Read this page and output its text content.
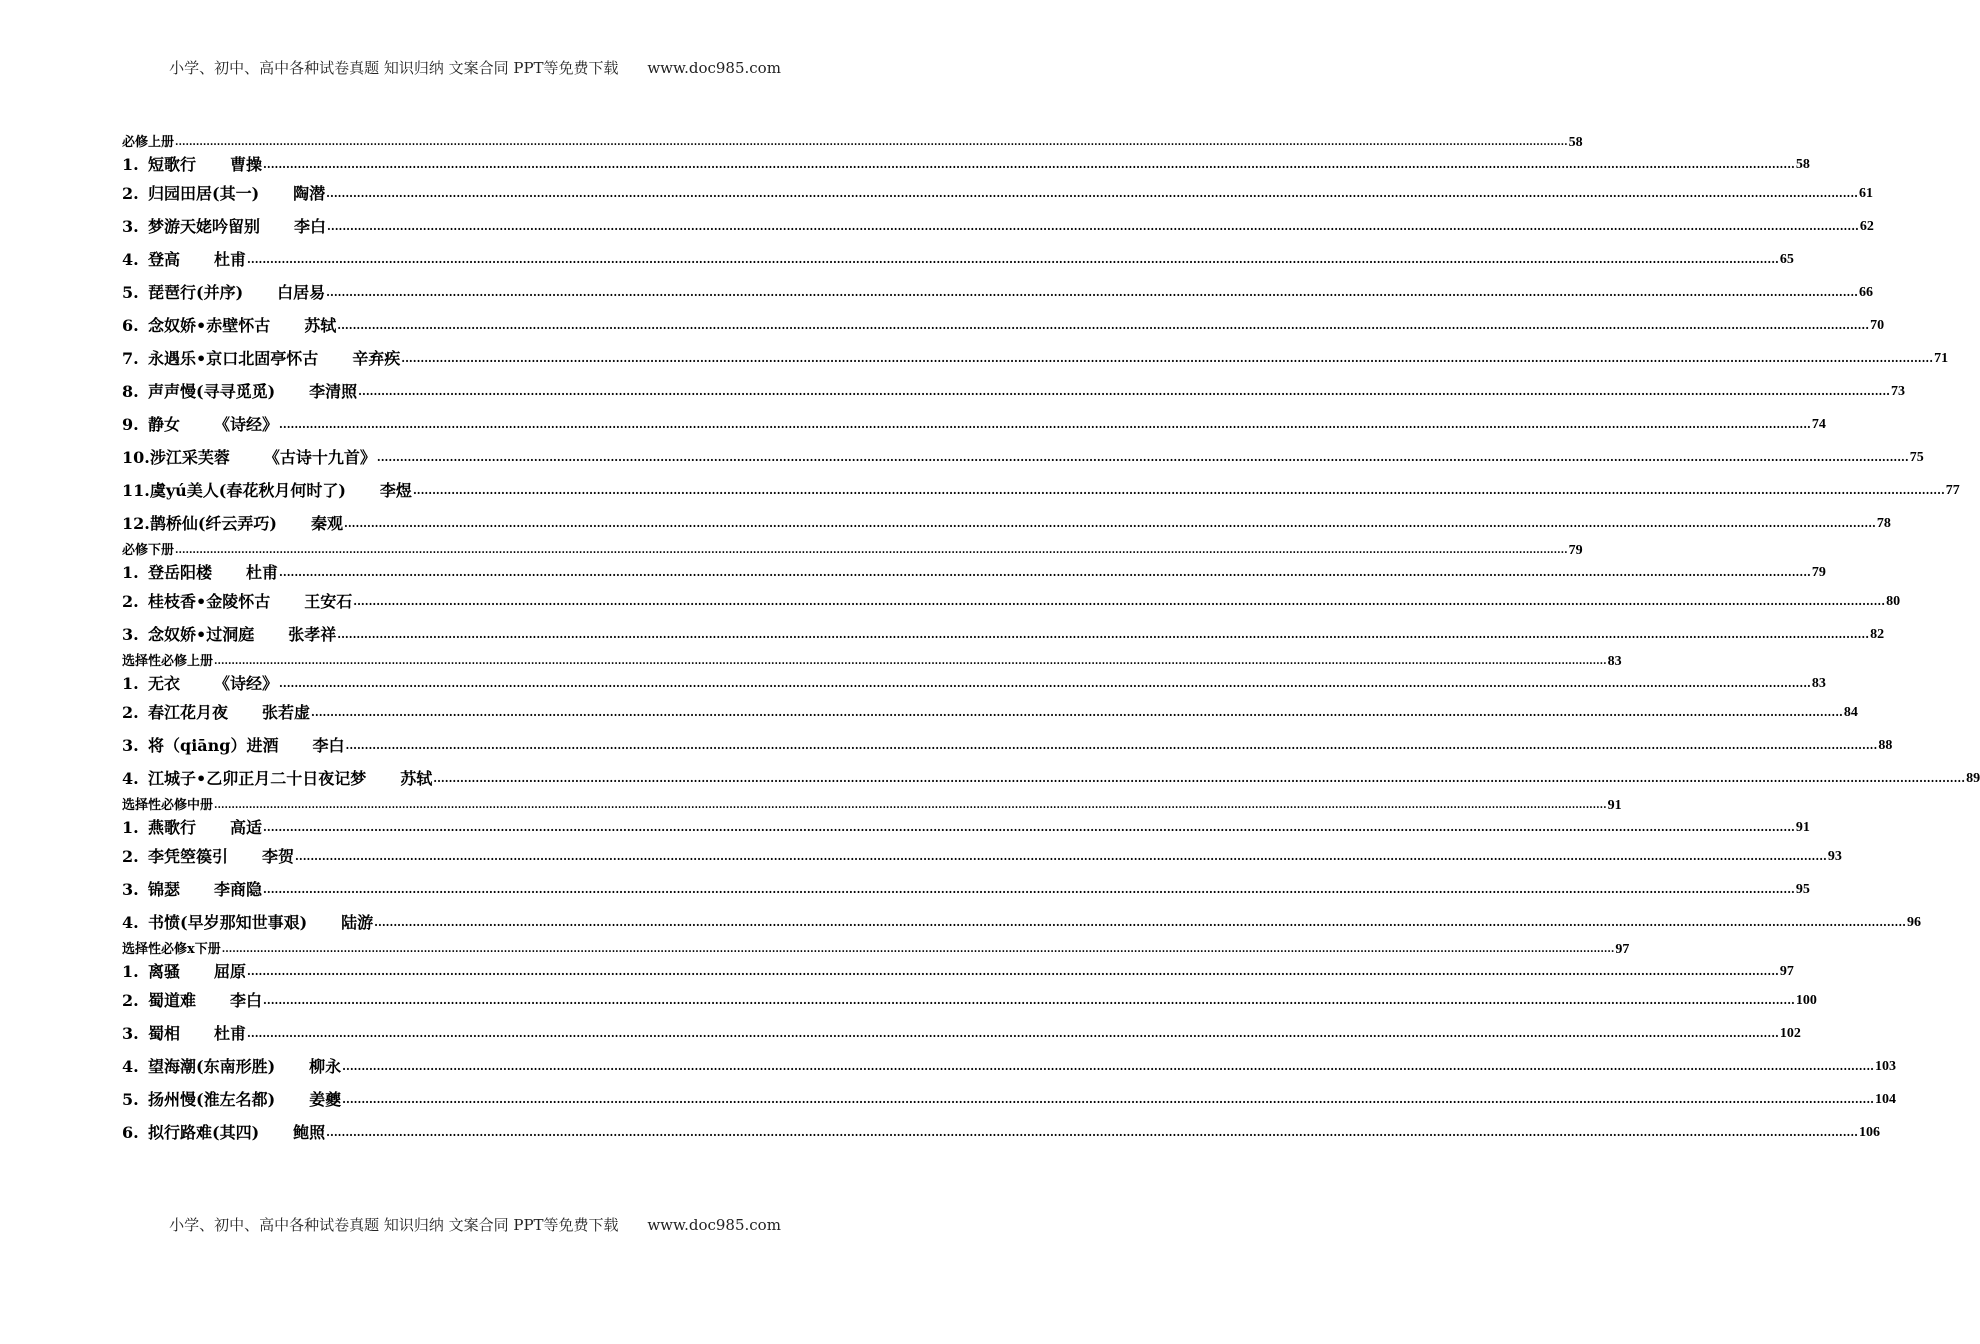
小学、初中、高中各种试卷真题 知识归纳 文案合同 PPT等免费下载 www.doc985.com
必修上册 ................................................................................................................................................................................................................................................................................................................................................................................................................ 58
1. 短歌行 曹操 ................................................................................................................................................................................................................................................................................................................................................................................................................ 58
2. 归园田居(其一) 陶潜 ................................................................................................................................................................................................................................................................................................................................................................................................................ 61
3. 梦游天姥吟留别 李白 ................................................................................................................................................................................................................................................................................................................................................................................................................ 62
4. 登高 杜甫 ................................................................................................................................................................................................................................................................................................................................................................................................................ 65
5. 琵琶行(并序) 白居易 ................................................................................................................................................................................................................................................................................................................................................................................................................ 66
6. 念奴娇•赤壁怀古 苏轼 ................................................................................................................................................................................................................................................................................................................................................................................................................ 70
7. 永遇乐•京口北固亭怀古 辛弃疾 ................................................................................................................................................................................................................................................................................................................................................................................................................ 71
8. 声声慢(寻寻觅觅) 李清照 ................................................................................................................................................................................................................................................................................................................................................................................................................ 73
9. 静女 《诗经》 ................................................................................................................................................................................................................................................................................................................................................................................................................ 74
10.涉江采芙蓉 《古诗十九首》 ................................................................................................................................................................................................................................................................................................................................................................................................................ 75
11.虞yú美人(春花秋月何时了) 李煜 ................................................................................................................................................................................................................................................................................................................................................................................................................ 77
12.鹊桥仙(纤云弄巧) 秦观 ................................................................................................................................................................................................................................................................................................................................................................................................................ 78
必修下册 ................................................................................................................................................................................................................................................................................................................................................................................................................ 79
1. 登岳阳楼 杜甫 ................................................................................................................................................................................................................................................................................................................................................................................................................ 79
2. 桂枝香•金陵怀古 王安石 ................................................................................................................................................................................................................................................................................................................................................................................................................ 80
3. 念奴娇•过洞庭 张孝祥 ................................................................................................................................................................................................................................................................................................................................................................................................................ 82
选择性必修上册 ................................................................................................................................................................................................................................................................................................................................................................................................................ 83
1. 无衣 《诗经》 ................................................................................................................................................................................................................................................................................................................................................................................................................ 83
2. 春江花月夜 张若虚 ................................................................................................................................................................................................................................................................................................................................................................................................................ 84
3. 将（qiāng）进酒 李白 ................................................................................................................................................................................................................................................................................................................................................................................................................ 88
4. 江城子•乙卯正月二十日夜记梦 苏轼 ................................................................................................................................................................................................................................................................................................................................................................................................................ 89
选择性必修中册 ................................................................................................................................................................................................................................................................................................................................................................................................................ 91
1. 燕歌行 高适 ................................................................................................................................................................................................................................................................................................................................................................................................................ 91
2. 李凭箜篌引 李贺 ................................................................................................................................................................................................................................................................................................................................................................................................................ 93
3. 锦瑟 李商隐 ................................................................................................................................................................................................................................................................................................................................................................................................................ 95
4. 书愤(早岁那知世事艰) 陆游 ................................................................................................................................................................................................................................................................................................................................................................................................................ 96
选择性必修x下册 ................................................................................................................................................................................................................................................................................................................................................................................................................ 97
1. 离骚 屈原 ................................................................................................................................................................................................................................................................................................................................................................................................................ 97
2. 蜀道难 李白 ................................................................................................................................................................................................................................................................................................................................................................................................................ 100
3. 蜀相 杜甫 ................................................................................................................................................................................................................................................................................................................................................................................................................ 102
4. 望海潮(东南形胜) 柳永 ................................................................................................................................................................................................................................................................................................................................................................................................................ 103
5. 扬州慢(淮左名都) 姜夔 ................................................................................................................................................................................................................................................................................................................................................................................................................ 104
6. 拟行路难(其四) 鲍照 ................................................................................................................................................................................................................................................................................................................................................................................................................ 106
小学、初中、高中各种试卷真题 知识归纳 文案合同 PPT等免费下载 www.doc985.com
